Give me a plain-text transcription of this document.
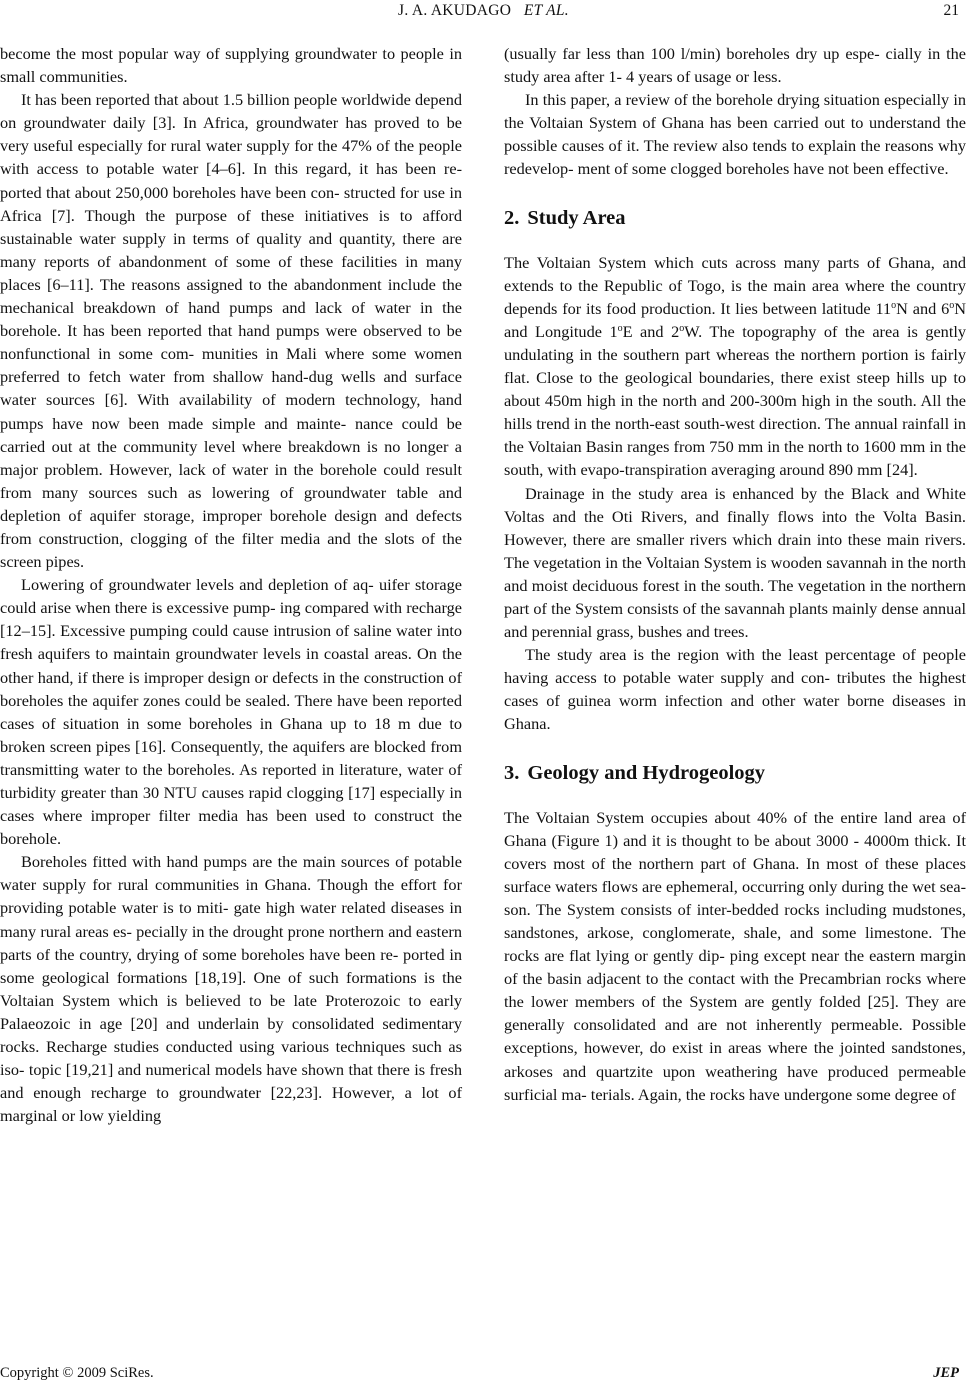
J. A. AKUDAGO ET AL.	21

become the most popular way of supplying groundwater to people in small communities.

It has been reported that about 1.5 billion people worldwide depend on groundwater daily [3]. In Africa, groundwater has proved to be very useful especially for rural water supply for the 47% of the people with access to potable water [4–6]. In this regard, it has been re- ported that about 250,000 boreholes have been con- structed for use in Africa [7]. Though the purpose of these initiatives is to afford sustainable water supply in terms of quality and quantity, there are many reports of abandonment of some of these facilities in many places [6–11]. The reasons assigned to the abandonment include the mechanical breakdown of hand pumps and lack of water in the borehole. It has been reported that hand pumps were observed to be nonfunctional in some com- munities in Mali where some women preferred to fetch water from shallow hand-dug wells and surface water sources [6]. With availability of modern technology, hand pumps have now been made simple and mainte- nance could be carried out at the community level where breakdown is no longer a major problem. However, lack of water in the borehole could result from many sources such as lowering of groundwater table and depletion of aquifer storage, improper borehole design and defects from construction, clogging of the filter media and the slots of the screen pipes.

Lowering of groundwater levels and depletion of aq- uifer storage could arise when there is excessive pump- ing compared with recharge [12–15]. Excessive pumping could cause intrusion of saline water into fresh aquifers to maintain groundwater levels in coastal areas. On the other hand, if there is improper design or defects in the construction of boreholes the aquifer zones could be sealed. There have been reported cases of situation in some boreholes in Ghana up to 18 m due to broken screen pipes [16]. Consequently, the aquifers are blocked from transmitting water to the boreholes. As reported in literature, water of turbidity greater than 30 NTU causes rapid clogging [17] especially in cases where improper filter media has been used to construct the borehole.

Boreholes fitted with hand pumps are the main sources of potable water supply for rural communities in Ghana. Though the effort for providing potable water is to miti- gate high water related diseases in many rural areas es- pecially in the drought prone northern and eastern parts of the country, drying of some boreholes have been re- ported in some geological formations [18,19]. One of such formations is the Voltaian System which is believed to be late Proterozoic to early Palaeozoic in age [20] and underlain by consolidated sedimentary rocks. Recharge studies conducted using various techniques such as iso- topic [19,21] and numerical models have shown that there is fresh and enough recharge to groundwater [22,23]. However, a lot of marginal or low yielding

(usually far less than 100 l/min) boreholes dry up espe- cially in the study area after 1- 4 years of usage or less.

In this paper, a review of the borehole drying situation especially in the Voltaian System of Ghana has been carried out to understand the possible causes of it. The review also tends to explain the reasons why redevelop- ment of some clogged boreholes have not been effective.

2. Study Area

The Voltaian System which cuts across many parts of Ghana, and extends to the Republic of Togo, is the main area where the country depends for its food production. It lies between latitude 11$^o$N and 6$^o$N and Longitude 1$^o$E and 2$^o$W. The topography of the area is gently undulating in the southern part whereas the northern portion is fairly flat. Close to the geological boundaries, there exist steep hills up to about 450m high in the north and 200-300m high in the south. All the hills trend in the north-east south-west direction. The annual rainfall in the Voltaian Basin ranges from 750 mm in the north to 1600 mm in the south, with evapo-transpiration averaging around 890 mm [24].

Drainage in the study area is enhanced by the Black and White Voltas and the Oti Rivers, and finally flows into the Volta Basin. However, there are smaller rivers which drain into these main rivers. The vegetation in the Voltaian System is wooden savannah in the north and moist deciduous forest in the south. The vegetation in the northern part of the System consists of the savannah plants mainly dense annual and perennial grass, bushes and trees.

The study area is the region with the least percentage of people having access to potable water supply and con- tributes the highest cases of guinea worm infection and other water borne diseases in Ghana.

3. Geology and Hydrogeology

The Voltaian System occupies about 40% of the entire land area of Ghana (Figure 1) and it is thought to be about 3000 - 4000m thick. It covers most of the northern part of Ghana. In most of these places surface waters flows are ephemeral, occurring only during the wet sea- son. The System consists of inter-bedded rocks including mudstones, sandstones, arkose, conglomerate, shale, and some limestone. The rocks are flat lying or gently dip- ping except near the eastern margin of the basin adjacent to the contact with the Precambrian rocks where the lower members of the System are gently folded [25]. They are generally consolidated and are not inherently permeable. Possible exceptions, however, do exist in areas where the jointed sandstones, arkoses and quartzite upon weathering have produced permeable surficial ma- terials. Again, the rocks have undergone some degree of

Copyright © 2009 SciRes.	JEP
